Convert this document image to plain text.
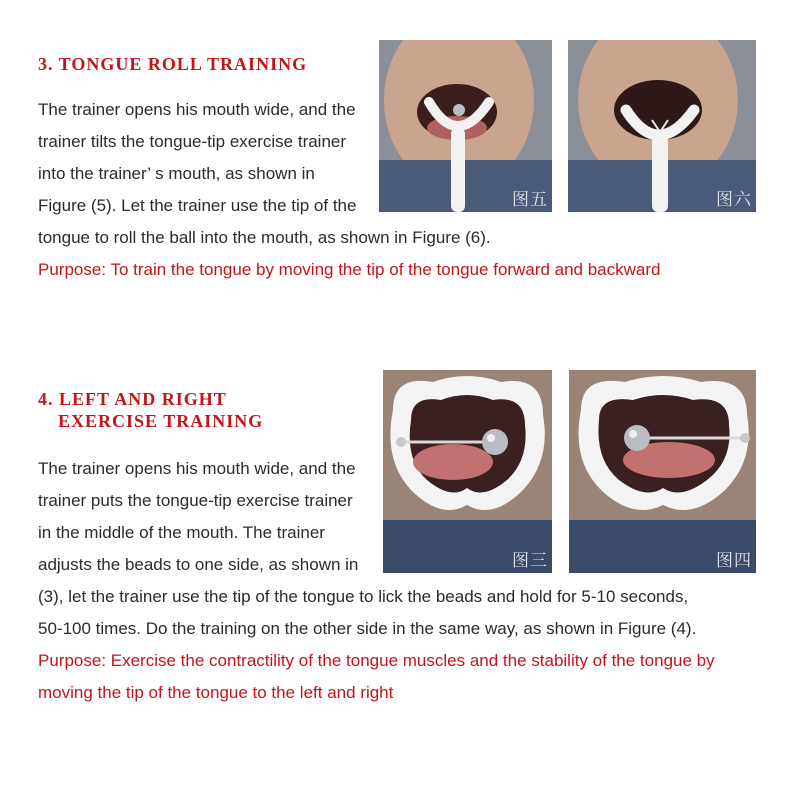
3. TONGUE ROLL TRAINING
The trainer opens his mouth wide, and the
trainer tilts the tongue-tip exercise trainer
into the trainer’ s mouth, as shown in
Figure (5). Let the trainer use the tip of the
tongue to roll the ball into the mouth, as shown in Figure (6).
Purpose: To train the tongue by moving the tip of the tongue forward and backward
图五	图六
4. LEFT AND RIGHT
EXERCISE TRAINING
The trainer opens his mouth wide, and the
trainer puts the tongue-tip exercise trainer
in the middle of the mouth. The trainer
adjusts the beads to one side, as shown in
(3), let the trainer use the tip of the tongue to lick the beads and hold for 5-10 seconds,
50-100 times. Do the training on the other side in the same way, as shown in Figure (4).
Purpose: Exercise the contractility of the tongue muscles and the stability of the tongue by
moving the tip of the tongue to the left and right
图三	图四
